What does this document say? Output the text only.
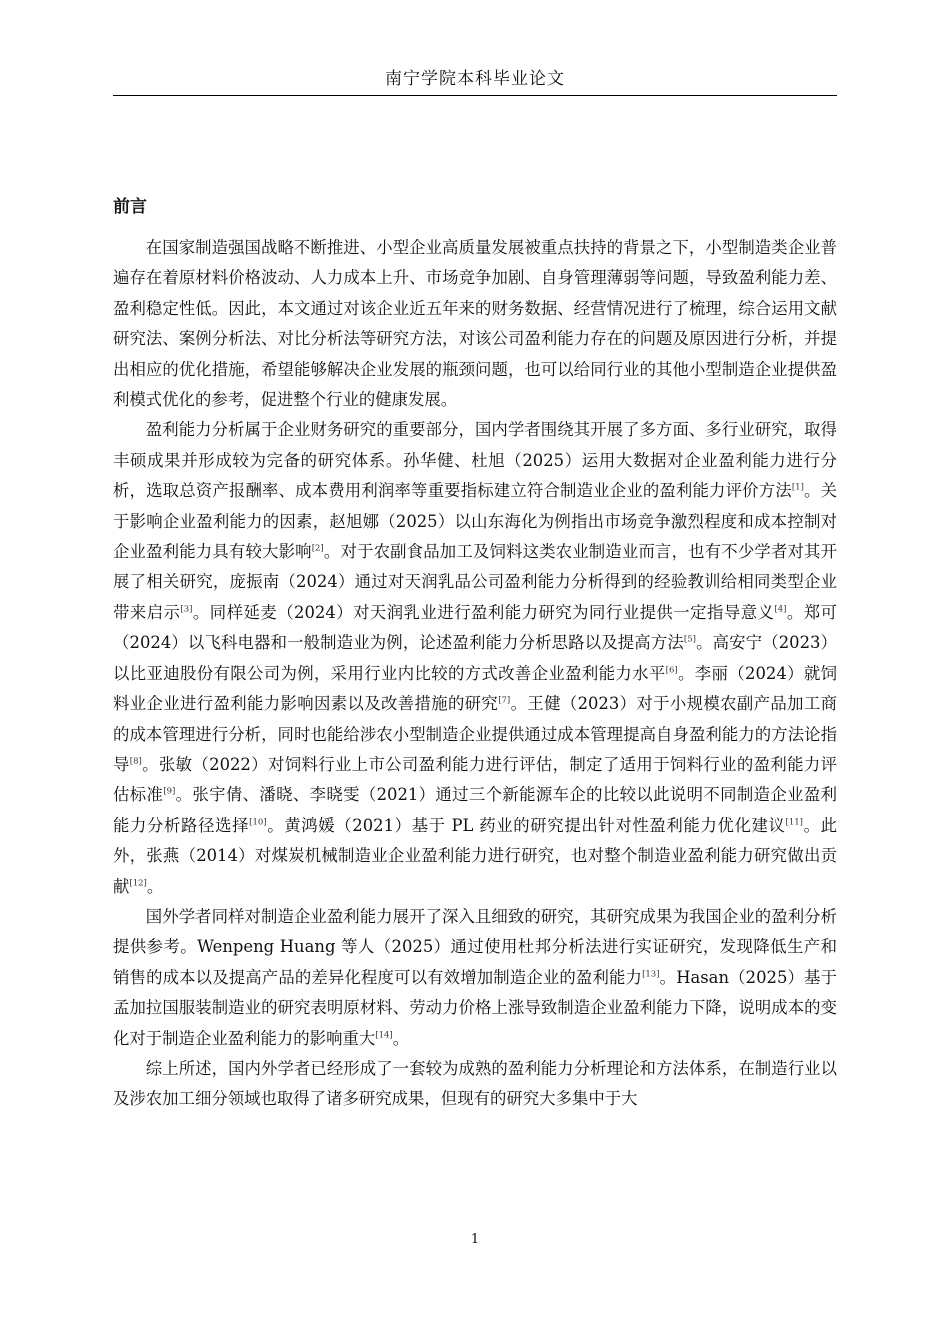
南宁学院本科毕业论文
前言

在国家制造强国战略不断推进、小型企业高质量发展被重点扶持的背景之下，小型制造类企业普遍存在着原材料价格波动、人力成本上升、市场竞争加剧、自身管理薄弱等问题，导致盈利能力差、盈利稳定性低。因此，本文通过对该企业近五年来的财务数据、经营情况进行了梳理，综合运用文献研究法、案例分析法、对比分析法等研究方法，对该公司盈利能力存在的问题及原因进行分析，并提出相应的优化措施，希望能够解决企业发展的瓶颈问题，也可以给同行业的其他小型制造企业提供盈利模式优化的参考，促进整个行业的健康发展。

盈利能力分析属于企业财务研究的重要部分，国内学者围绕其开展了多方面、多行业研究，取得丰硕成果并形成较为完备的研究体系。孙华健、杜旭（2025）运用大数据对企业盈利能力进行分析，选取总资产报酬率、成本费用利润率等重要指标建立符合制造业企业的盈利能力评价方法[1]。关于影响企业盈利能力的因素，赵旭娜（2025）以山东海化为例指出市场竞争激烈程度和成本控制对企业盈利能力具有较大影响[2]。对于农副食品加工及饲料这类农业制造业而言，也有不少学者对其开展了相关研究，庞振南（2024）通过对天润乳品公司盈利能力分析得到的经验教训给相同类型企业带来启示[3]。同样延麦（2024）对天润乳业进行盈利能力研究为同行业提供一定指导意义[4]。郑可（2024）以飞科电器和一般制造业为例，论述盈利能力分析思路以及提高方法[5]。高安宁（2023）以比亚迪股份有限公司为例，采用行业内比较的方式改善企业盈利能力水平[6]。李丽（2024）就饲料业企业进行盈利能力影响因素以及改善措施的研究[7]。王健（2023）对于小规模农副产品加工商的成本管理进行分析，同时也能给涉农小型制造企业提供通过成本管理提高自身盈利能力的方法论指导[8]。张敏（2022）对饲料行业上市公司盈利能力进行评估，制定了适用于饲料行业的盈利能力评估标准[9]。张宇倩、潘晓、李晓雯（2021）通过三个新能源车企的比较以此说明不同制造企业盈利能力分析路径选择[10]。黄鸿媛（2021）基于 PL 药业的研究提出针对性盈利能力优化建议[11]。此外，张燕（2014）对煤炭机械制造业企业盈利能力进行研究，也对整个制造业盈利能力研究做出贡献[12]。

国外学者同样对制造企业盈利能力展开了深入且细致的研究，其研究成果为我国企业的盈利分析提供参考。Wenpeng Huang 等人（2025）通过使用杜邦分析法进行实证研究，发现降低生产和销售的成本以及提高产品的差异化程度可以有效增加制造企业的盈利能力[13]。Hasan（2025）基于孟加拉国服装制造业的研究表明原材料、劳动力价格上涨导致制造企业盈利能力下降，说明成本的变化对于制造企业盈利能力的影响重大[14]。

综上所述，国内外学者已经形成了一套较为成熟的盈利能力分析理论和方法体系，在制造行业以及涉农加工细分领域也取得了诸多研究成果，但现有的研究大多集中于大

1
